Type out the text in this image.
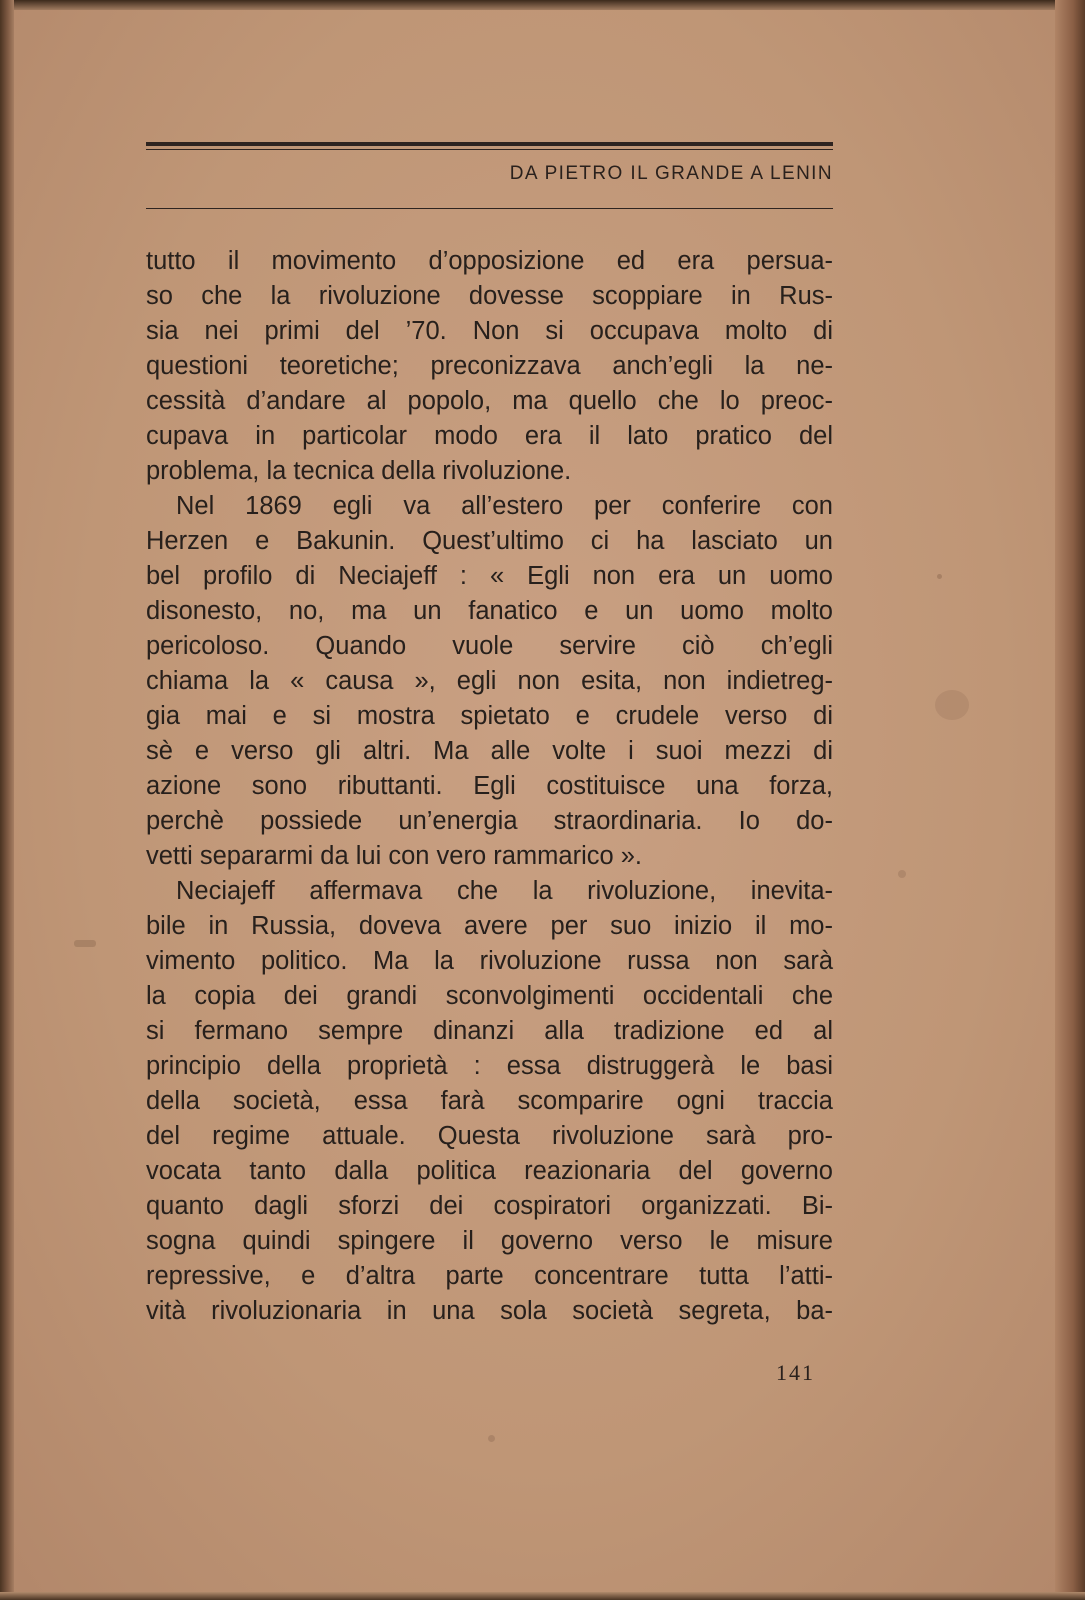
DA PIETRO IL GRANDE A LENIN
tutto il movimento d’opposizione ed era persua-
so che la rivoluzione dovesse scoppiare in Rus-
sia nei primi del ’70. Non si occupava molto di
questioni teoretiche; preconizzava anch’egli la ne-
cessità d’andare al popolo, ma quello che lo preoc-
cupava in particolar modo era il lato pratico del
problema, la tecnica della rivoluzione.
Nel 1869 egli va all’estero per conferire con
Herzen e Bakunin. Quest’ultimo ci ha lasciato un
bel profilo di Neciajeff : « Egli non era un uomo
disonesto, no, ma un fanatico e un uomo molto
pericoloso. Quando vuole servire ciò ch’egli
chiama la « causa », egli non esita, non indietreg-
gia mai e si mostra spietato e crudele verso di
sè e verso gli altri. Ma alle volte i suoi mezzi di
azione sono ributtanti. Egli costituisce una forza,
perchè possiede un’energia straordinaria. Io do-
vetti separarmi da lui con vero rammarico ».
Neciajeff affermava che la rivoluzione, inevita-
bile in Russia, doveva avere per suo inizio il mo-
vimento politico. Ma la rivoluzione russa non sarà
la copia dei grandi sconvolgimenti occidentali che
si fermano sempre dinanzi alla tradizione ed al
principio della proprietà : essa distruggerà le basi
della società, essa farà scomparire ogni traccia
del regime attuale. Questa rivoluzione sarà pro-
vocata tanto dalla politica reazionaria del governo
quanto dagli sforzi dei cospiratori organizzati. Bi-
sogna quindi spingere il governo verso le misure
repressive, e d’altra parte concentrare tutta l’atti-
vità rivoluzionaria in una sola società segreta, ba-
141
